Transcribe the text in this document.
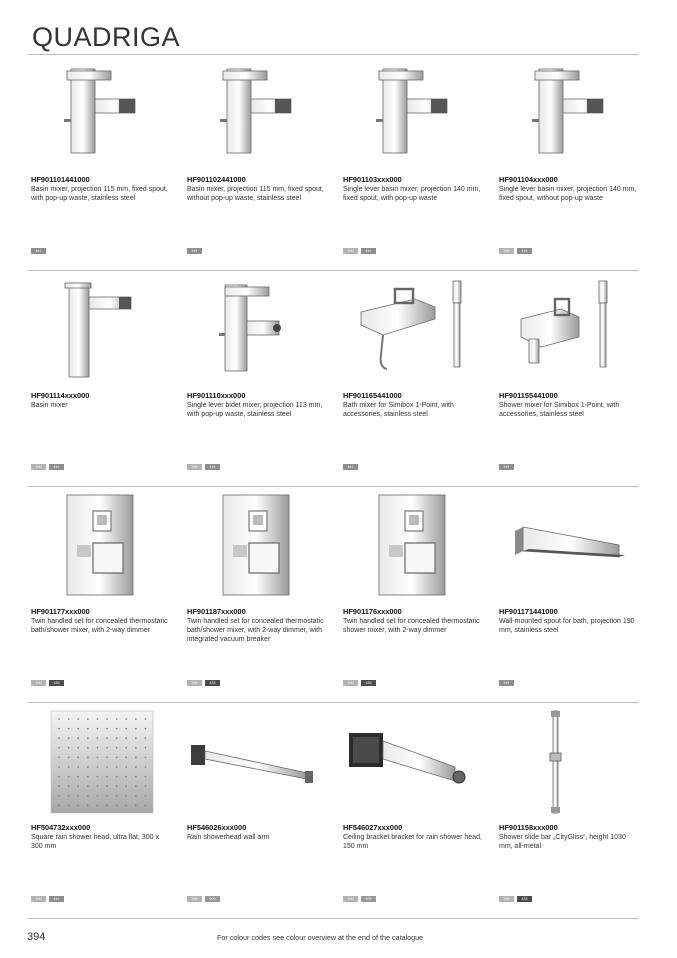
QUADRIGA
HF901101441000
Basin mixer, projection 115 mm, fixed spout, with pop-up waste, stainless steel
441
HF901102441000
Basin mixer, projection 115 mm, fixed spout, without pop-up waste, stainless steel
441
HF901103xxx000
Single lever basin mixer, projection 140 mm, fixed spout, with pop-up waste
100	441
HF901104xxx000
Single lever basin mixer, projection 140 mm, fixed spout, without pop-up waste
100	441
HF901114xxx000
Basin mixer
100	441
HF901110xxx000
Single lever bidet mixer, projection 113 mm, with pop-up waste, stainless steel
100	441
HF901165441000
Bath mixer for Simibox 1-Point, with accessories, stainless steel
441
HF901155441000
Shower mixer for Simibox 1-Point, with accessories, stainless steel
441
HF901177xxx000
Twin handled set for concealed thermostatic bath/shower mixer, with 2-way dimmer
100	433
HF901187xxx000
Twin handled set for concealed thermostatic bath/shower mixer, with 2-way dimmer, with integrated vacuum breaker
100	433
HF901176xxx000
Twin handled set for concealed thermostatic shower mixer, with 2-way dimmer
100	433
HF901171441000
Wall-mounted spout for bath, projection 190 mm, stainless steel
441
HF504732xxx000
Square rain shower head, ultra flat, 300 x 300 mm
100	441
HF546026xxx000
Rain showerhead wall arm
100	600
HF546027xxx000
Ceiling bracket bracket for rain shower head, 150 mm
100	600
HF901158xxx000
Shower slide bar „CityGliss“, height 1030 mm, all-metal
100	433
394	For colour codes see colour overview at the end of the catalogue
